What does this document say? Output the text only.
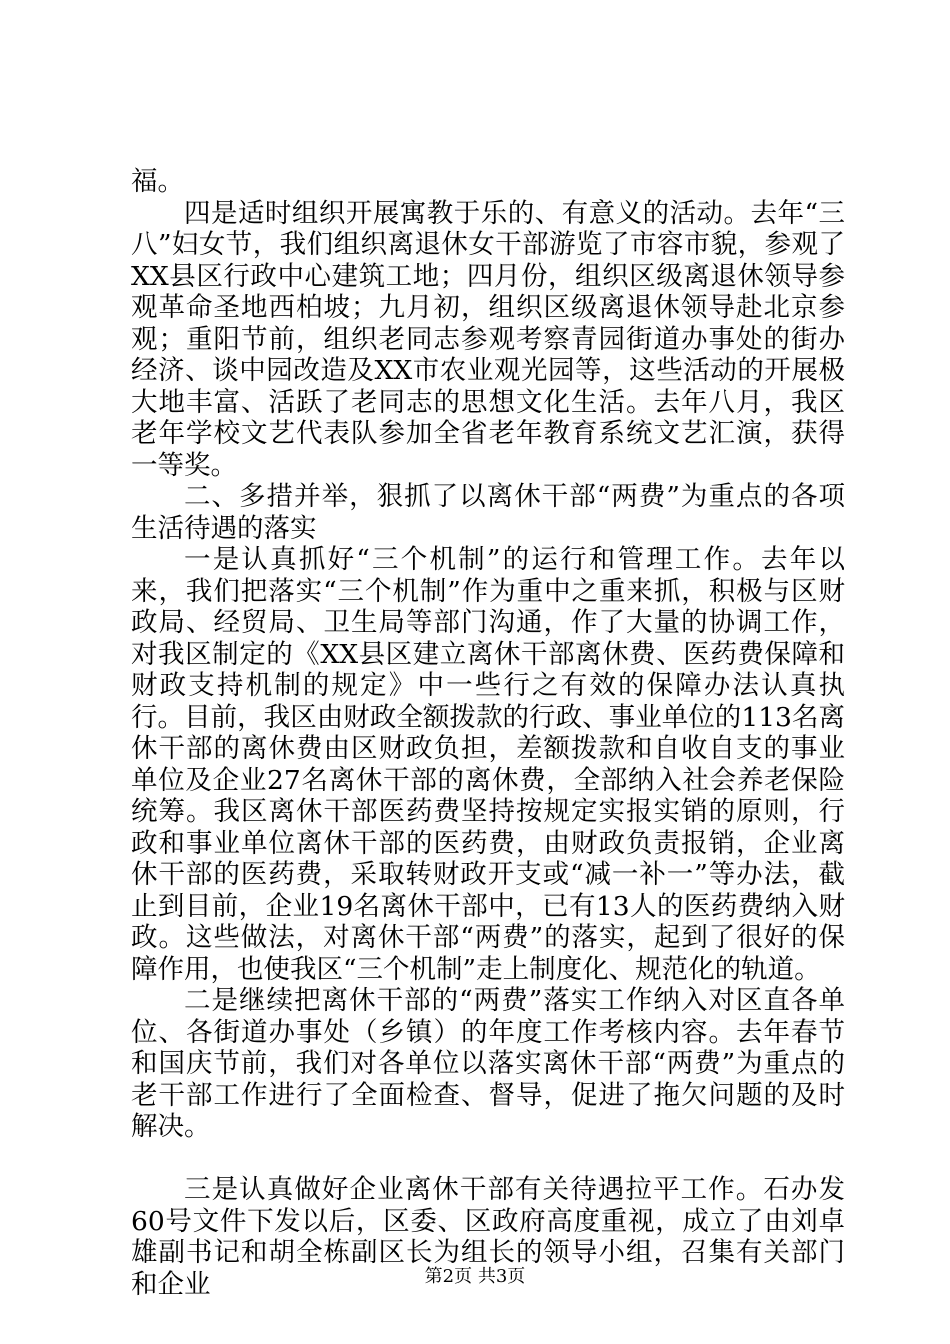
福。

四是适时组织开展寓教于乐的、有意义的活动。去年“三八”妇女节，我们组织离退休女干部游览了市容市貌，参观了XX县区行政中心建筑工地；四月份，组织区级离退休领导参观革命圣地西柏坡；九月初，组织区级离退休领导赴北京参观；重阳节前，组织老同志参观考察青园街道办事处的街办经济、谈中园改造及XX市农业观光园等，这些活动的开展极大地丰富、活跃了老同志的思想文化生活。去年八月，我区老年学校文艺代表队参加全省老年教育系统文艺汇演，获得一等奖。

二、多措并举，狠抓了以离休干部“两费”为重点的各项生活待遇的落实

一是认真抓好“三个机制”的运行和管理工作。去年以来，我们把落实“三个机制”作为重中之重来抓，积极与区财政局、经贸局、卫生局等部门沟通，作了大量的协调工作，对我区制定的《XX县区建立离休干部离休费、医药费保障和财政支持机制的规定》中一些行之有效的保障办法认真执行。目前，我区由财政全额拨款的行政、事业单位的113名离休干部的离休费由区财政负担，差额拨款和自收自支的事业单位及企业27名离休干部的离休费，全部纳入社会养老保险统筹。我区离休干部医药费坚持按规定实报实销的原则，行政和事业单位离休干部的医药费，由财政负责报销，企业离休干部的医药费，采取转财政开支或“减一补一”等办法，截止到目前，企业19名离休干部中，已有13人的医药费纳入财政。这些做法，对离休干部“两费”的落实，起到了很好的保障作用，也使我区“三个机制”走上制度化、规范化的轨道。

二是继续把离休干部的“两费”落实工作纳入对区直各单位、各街道办事处（乡镇）的年度工作考核内容。去年春节和国庆节前，我们对各单位以落实离休干部“两费”为重点的老干部工作进行了全面检查、督导，促进了拖欠问题的及时解决。

三是认真做好企业离休干部有关待遇拉平工作。石办发60号文件下发以后，区委、区政府高度重视，成立了由刘卓雄副书记和胡全栋副区长为组长的领导小组，召集有关部门和企业	第2页 共3页
